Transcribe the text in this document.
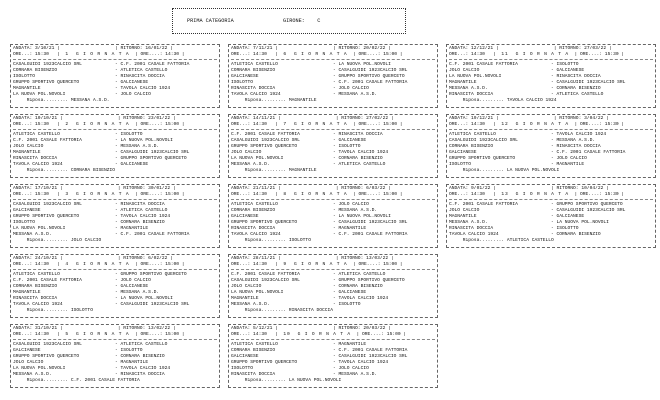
PRIMA CATEGORIA	GIRONE: C
ANDATA: 3/10/21 |                    | RITORNO: 16/01/22 |
ORE...: 15:30   |  1  G I O R N A T A  | ORE....: 14:30 |
CASALGUIDI 1923CALCIO SRL	- C.F. 2001 CASALE FATTORIA
CORNARA BISENZIO	- ATLETICA CASTELLO
ISOLOTTO	- RINASCITA DOCCIA
GRUPPO SPORTIVO QUERCETO	- GALCIANESE
MAGNANTILE	- TAVOLA CALCIO 1924
LA NUOVA POL.NOVOLI	- JOLO CALCIO
Riposa......... MESSANA A.S.D.
ANDATA: 10/10/21 |                    | RITORNO: 23/01/22 |
ORE...: 15:30   |  2  G I O R N A T A  | ORE....: 15:00 |
ATLETICA CASTELLO	- ISOLOTTO
C.F. 2001 CASALE FATTORIA	- LA NUOVA POL.NOVOLI
JOLO CALCIO	- MESSANA A.S.D.
MAGNANTILE	- CASALGUIDI 1923CALCIO SRL
RINASCITA DOCCIA	- GRUPPO SPORTIVO QUERCETO
TAVOLA CALCIO 1924	- GALCIANESE
Riposa......... CORNARA BISENZIO
ANDATA: 17/10/21 |                    | RITORNO: 30/01/22 |
ORE...: 15:30   |  3  G I O R N A T A  | ORE....: 15:00 |
CASALGUIDI 1923CALCIO SRL	- RINASCITA DOCCIA
GALCIANESE	- ATLETICA CASTELLO
GRUPPO SPORTIVO QUERCETO	- TAVOLA CALCIO 1924
ISOLOTTO	- CORNARA BISENZIO
LA NUOVA POL.NOVOLI	- MAGNANTILE
MESSANA A.S.D.	- C.F. 2001 CASALE FATTORIA
Riposa......... JOLO CALCIO
ANDATA: 24/10/21 |                    | RITORNO: 6/02/22 |
ORE...: 14:30   |  4  G I O R N A T A  | ORE....: 15:00 |
ATLETICA CASTELLO	- GRUPPO SPORTIVO QUERCETO
C.F. 2001 CASALE FATTORIA	- JOLO CALCIO
CORNARA BISENZIO	- GALCIANESE
MAGNANTILE	- MESSANA A.S.D.
RINASCITA DOCCIA	- LA NUOVA POL.NOVOLI
TAVOLA CALCIO 1924	- CASALGUIDI 1923CALCIO SRL
Riposa......... ISOLOTTO
ANDATA: 31/10/21 |                    | RITORNO: 13/02/22 |
ORE...: 14:30   |  5  G I O R N A T A  | ORE....: 15:00 |
CASALGUIDI 1923CALCIO SRL	- ATLETICA CASTELLO
GALCIANESE	- ISOLOTTO
GRUPPO SPORTIVO QUERCETO	- CORNARA BISENZIO
JOLO CALCIO	- MAGNANTILE
LA NUOVA POL.NOVOLI	- TAVOLA CALCIO 1924
MESSANA A.S.D.	- RINASCITA DOCCIA
Riposa......... C.F. 2001 CASALE FATTORIA
ANDATA: 7/11/21 |                    | RITORNO: 20/02/22 |
ORE...: 14:30   |  6  G I O R N A T A  | ORE....: 15:00 |
ATLETICA CASTELLO	- LA NUOVA POL.NOVOLI
CORNARA BISENZIO	- CASALGUIDI 1923CALCIO SRL
GALCIANESE	- GRUPPO SPORTIVO QUERCETO
ISOLOTTO	- C.F. 2001 CASALE FATTORIA
RINASCITA DOCCIA	- JOLO CALCIO
TAVOLA CALCIO 1924	- MESSANA A.S.D.
Riposa......... MAGNANTILE
ANDATA: 14/11/21 |                    | RITORNO: 27/02/22 |
ORE...: 14:30   |  7  G I O R N A T A  | ORE....: 15:00 |
C.F. 2001 CASALE FATTORIA	- RINASCITA DOCCIA
CASALGUIDI 1923CALCIO SRL	- GALCIANESE
GRUPPO SPORTIVO QUERCETO	- ISOLOTTO
JOLO CALCIO	- TAVOLA CALCIO 1924
LA NUOVA POL.NOVOLI	- CORNARA BISENZIO
MESSANA A.S.D.	- ATLETICA CASTELLO
Riposa......... MAGNANTILE
ANDATA: 21/11/21 |                    | RITORNO: 6/03/22 |
ORE...: 14:30   |  8  G I O R N A T A  | ORE....: 15:00 |
ATLETICA CASTELLO	- JOLO CALCIO
CORNARA BISENZIO	- MESSANA A.S.D.
GALCIANESE	- LA NUOVA POL.NOVOLI
GRUPPO SPORTIVO QUERCETO	- CASALGUIDI 1923CALCIO SRL
RINASCITA DOCCIA	- MAGNANTILE
TAVOLA CALCIO 1924	- C.F. 2001 CASALE FATTORIA
Riposa......... ISOLOTTO
ANDATA: 28/11/21 |                    | RITORNO: 13/03/22 |
ORE...: 14:30   |  9  G I O R N A T A  | ORE....: 15:00 |
C.F. 2001 CASALE FATTORIA	- ATLETICA CASTELLO
CASALGUIDI 1923CALCIO SRL	- GRUPPO SPORTIVO QUERCETO
JOLO CALCIO	- CORNARA BISENZIO
LA NUOVA POL.NOVOLI	- GALCIANESE
MAGNANTILE	- TAVOLA CALCIO 1924
MESSANA A.S.D.	- ISOLOTTO
Riposa......... RINASCITA DOCCIA
ANDATA: 5/12/21 |                    | RITORNO: 20/03/22 |
ORE...: 14:30   |  10  G I O R N A T A  | ORE....: 15:00 |
ATLETICA CASTELLO	- MAGNANTILE
CORNARA BISENZIO	- C.F. 2001 CASALE FATTORIA
GALCIANESE	- CASALGUIDI 1923CALCIO SRL
GRUPPO SPORTIVO QUERCETO	- TAVOLA CALCIO 1924
ISOLOTTO	- JOLO CALCIO
RINASCITA DOCCIA	- MESSANA A.S.D.
Riposa......... LA NUOVA POL.NOVOLI
ANDATA: 12/12/21 |                    | RITORNO: 27/03/22 |
ORE...: 14:30   |  11  G I O R N A T A  | ORE....: 15:30 |
C.F. 2001 CASALE FATTORIA	- ISOLOTTO
JOLO CALCIO	- GALCIANESE
LA NUOVA POL.NOVOLI	- RINASCITA DOCCIA
MAGNANTILE	- CASALGUIDI 1923CALCIO SRL
MESSANA A.S.D.	- CORNARA BISENZIO
RINASCITA DOCCIA	- ATLETICA CASTELLO
Riposa......... TAVOLA CALCIO 1924
ANDATA: 19/12/21 |                    | RITORNO: 3/04/22 |
ORE...: 14:30   |  12  G I O R N A T A  | ORE....: 15:30 |
ATLETICA CASTELLO	- TAVOLA CALCIO 1924
CASALGUIDI 1923CALCIO SRL	- MESSANA A.S.D.
CORNARA BISENZIO	- RINASCITA DOCCIA
GALCIANESE	- C.F. 2001 CASALE FATTORIA
GRUPPO SPORTIVO QUERCETO	- JOLO CALCIO
ISOLOTTO	- MAGNANTILE
Riposa......... LA NUOVA POL.NOVOLI
ANDATA: 9/01/22 |                    | RITORNO: 10/04/22 |
ORE...: 14:30   |  13  G I O R N A T A  | ORE....: 15:30 |
C.F. 2001 CASALE FATTORIA	- GRUPPO SPORTIVO QUERCETO
JOLO CALCIO	- CASALGUIDI 1923CALCIO SRL
MAGNANTILE	- GALCIANESE
MESSANA A.S.D.	- LA NUOVA POL.NOVOLI
RINASCITA DOCCIA	- ISOLOTTO
TAVOLA CALCIO 1924	- CORNARA BISENZIO
Riposa......... ATLETICA CASTELLO
